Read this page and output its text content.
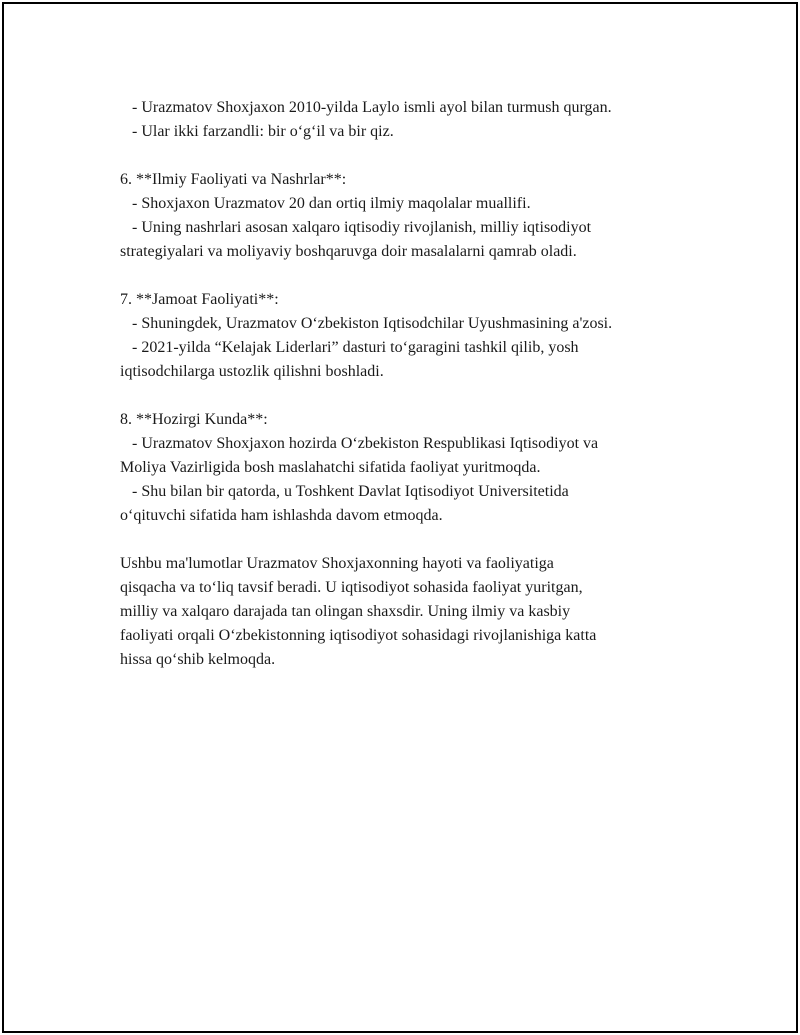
- Urazmatov Shoxjaxon 2010-yilda Laylo ismli ayol bilan turmush qurgan.

- Ular ikki farzandli: bir o‘g‘il va bir qiz.

6. **Ilmiy Faoliyati va Nashrlar**:

- Shoxjaxon Urazmatov 20 dan ortiq ilmiy maqolalar muallifi.

- Uning nashrlari asosan xalqaro iqtisodiy rivojlanish, milliy iqtisodiyot

strategiyalari va moliyaviy boshqaruvga doir masalalarni qamrab oladi.

7. **Jamoat Faoliyati**:

- Shuningdek, Urazmatov O‘zbekiston Iqtisodchilar Uyushmasining a'zosi.

- 2021-yilda “Kelajak Liderlari” dasturi to‘garagini tashkil qilib, yosh

iqtisodchilarga ustozlik qilishni boshladi.

8. **Hozirgi Kunda**:

- Urazmatov Shoxjaxon hozirda O‘zbekiston Respublikasi Iqtisodiyot va

Moliya Vazirligida bosh maslahatchi sifatida faoliyat yuritmoqda.

- Shu bilan bir qatorda, u Toshkent Davlat Iqtisodiyot Universitetida

o‘qituvchi sifatida ham ishlashda davom etmoqda.

Ushbu ma'lumotlar Urazmatov Shoxjaxonning hayoti va faoliyatiga

qisqacha va to‘liq tavsif beradi. U iqtisodiyot sohasida faoliyat yuritgan,

milliy va xalqaro darajada tan olingan shaxsdir. Uning ilmiy va kasbiy

faoliyati orqali O‘zbekistonning iqtisodiyot sohasidagi rivojlanishiga katta

hissa qo‘shib kelmoqda.
